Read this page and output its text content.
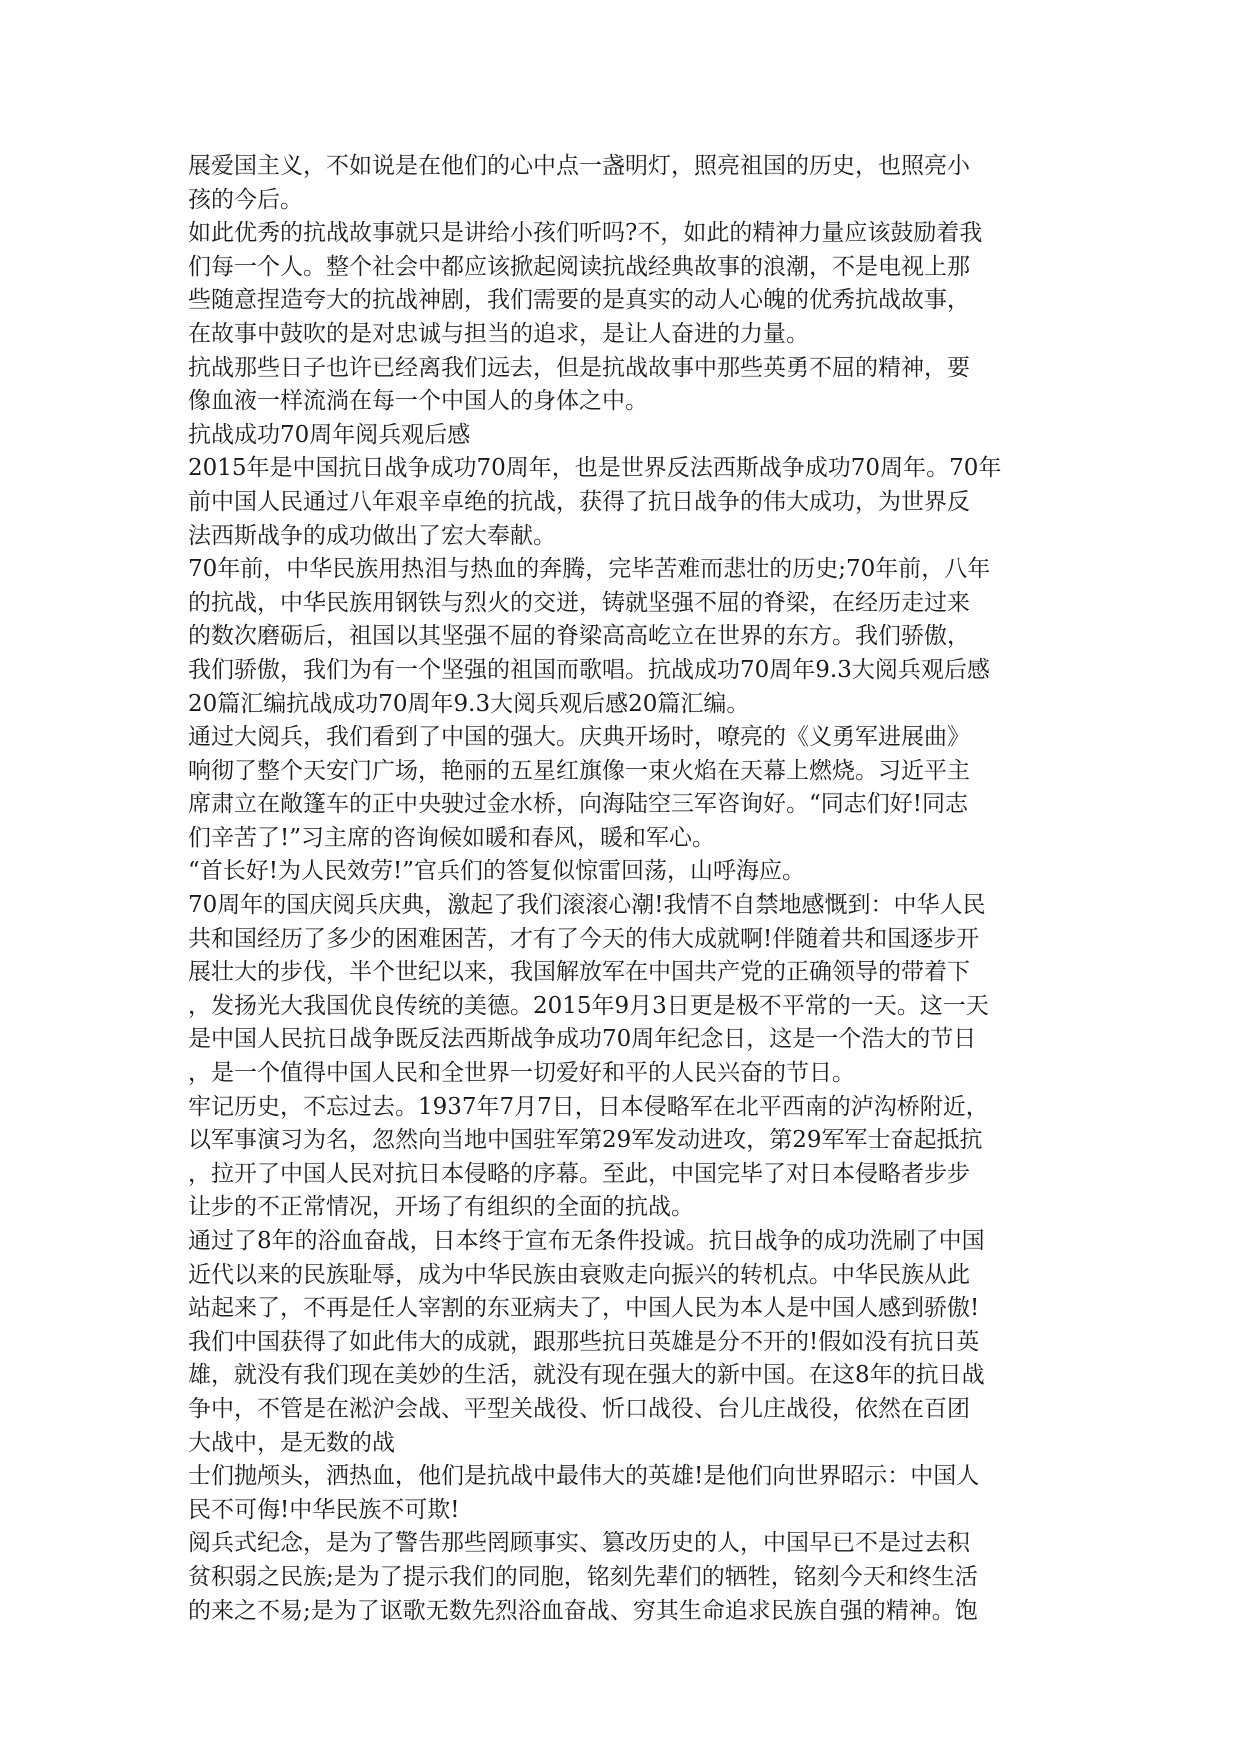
展爱国主义，不如说是在他们的心中点一盏明灯，照亮祖国的历史，也照亮小
孩的今后。
如此优秀的抗战故事就只是讲给小孩们听吗?不，如此的精神力量应该鼓励着我
们每一个人。整个社会中都应该掀起阅读抗战经典故事的浪潮，不是电视上那
些随意捏造夸大的抗战神剧，我们需要的是真实的动人心魄的优秀抗战故事，
在故事中鼓吹的是对忠诚与担当的追求，是让人奋进的力量。
抗战那些日子也许已经离我们远去，但是抗战故事中那些英勇不屈的精神，要
像血液一样流淌在每一个中国人的身体之中。
抗战成功70周年阅兵观后感
2015年是中国抗日战争成功70周年，也是世界反法西斯战争成功70周年。70年
前中国人民通过八年艰辛卓绝的抗战，获得了抗日战争的伟大成功，为世界反
法西斯战争的成功做出了宏大奉献。
70年前，中华民族用热泪与热血的奔腾，完毕苦难而悲壮的历史;70年前，八年
的抗战，中华民族用钢铁与烈火的交迸，铸就坚强不屈的脊梁，在经历走过来
的数次磨砺后，祖国以其坚强不屈的脊梁高高屹立在世界的东方。我们骄傲，
我们骄傲，我们为有一个坚强的祖国而歌唱。抗战成功70周年9.3大阅兵观后感
20篇汇编抗战成功70周年9.3大阅兵观后感20篇汇编。
通过大阅兵，我们看到了中国的强大。庆典开场时，嘹亮的《义勇军进展曲》
响彻了整个天安门广场，艳丽的五星红旗像一束火焰在天幕上燃烧。习近平主
席肃立在敞篷车的正中央驶过金水桥，向海陆空三军咨询好。“同志们好!同志
们辛苦了!”习主席的咨询候如暖和春风，暖和军心。
“首长好!为人民效劳!”官兵们的答复似惊雷回荡，山呼海应。
70周年的国庆阅兵庆典，激起了我们滚滚心潮!我情不自禁地感慨到：中华人民
共和国经历了多少的困难困苦，才有了今天的伟大成就啊!伴随着共和国逐步开
展壮大的步伐，半个世纪以来，我国解放军在中国共产党的正确领导的带着下
，发扬光大我国优良传统的美德。2015年9月3日更是极不平常的一天。这一天
是中国人民抗日战争既反法西斯战争成功70周年纪念日，这是一个浩大的节日
，是一个值得中国人民和全世界一切爱好和平的人民兴奋的节日。
牢记历史，不忘过去。1937年7月7日，日本侵略军在北平西南的泸沟桥附近，
以军事演习为名，忽然向当地中国驻军第29军发动进攻，第29军军士奋起抵抗
，拉开了中国人民对抗日本侵略的序幕。至此，中国完毕了对日本侵略者步步
让步的不正常情况，开场了有组织的全面的抗战。
通过了8年的浴血奋战，日本终于宣布无条件投诚。抗日战争的成功洗刷了中国
近代以来的民族耻辱，成为中华民族由衰败走向振兴的转机点。中华民族从此
站起来了，不再是任人宰割的东亚病夫了，中国人民为本人是中国人感到骄傲!
我们中国获得了如此伟大的成就，跟那些抗日英雄是分不开的!假如没有抗日英
雄，就没有我们现在美妙的生活，就没有现在强大的新中国。在这8年的抗日战
争中，不管是在淞沪会战、平型关战役、忻口战役、台儿庄战役，依然在百团
大战中，是无数的战
士们抛颅头，洒热血，他们是抗战中最伟大的英雄!是他们向世界昭示：中国人
民不可侮!中华民族不可欺!
阅兵式纪念，是为了警告那些罔顾事实、篡改历史的人，中国早已不是过去积
贫积弱之民族;是为了提示我们的同胞，铭刻先辈们的牺牲，铭刻今天和终生活
的来之不易;是为了讴歌无数先烈浴血奋战、穷其生命追求民族自强的精神。饱
